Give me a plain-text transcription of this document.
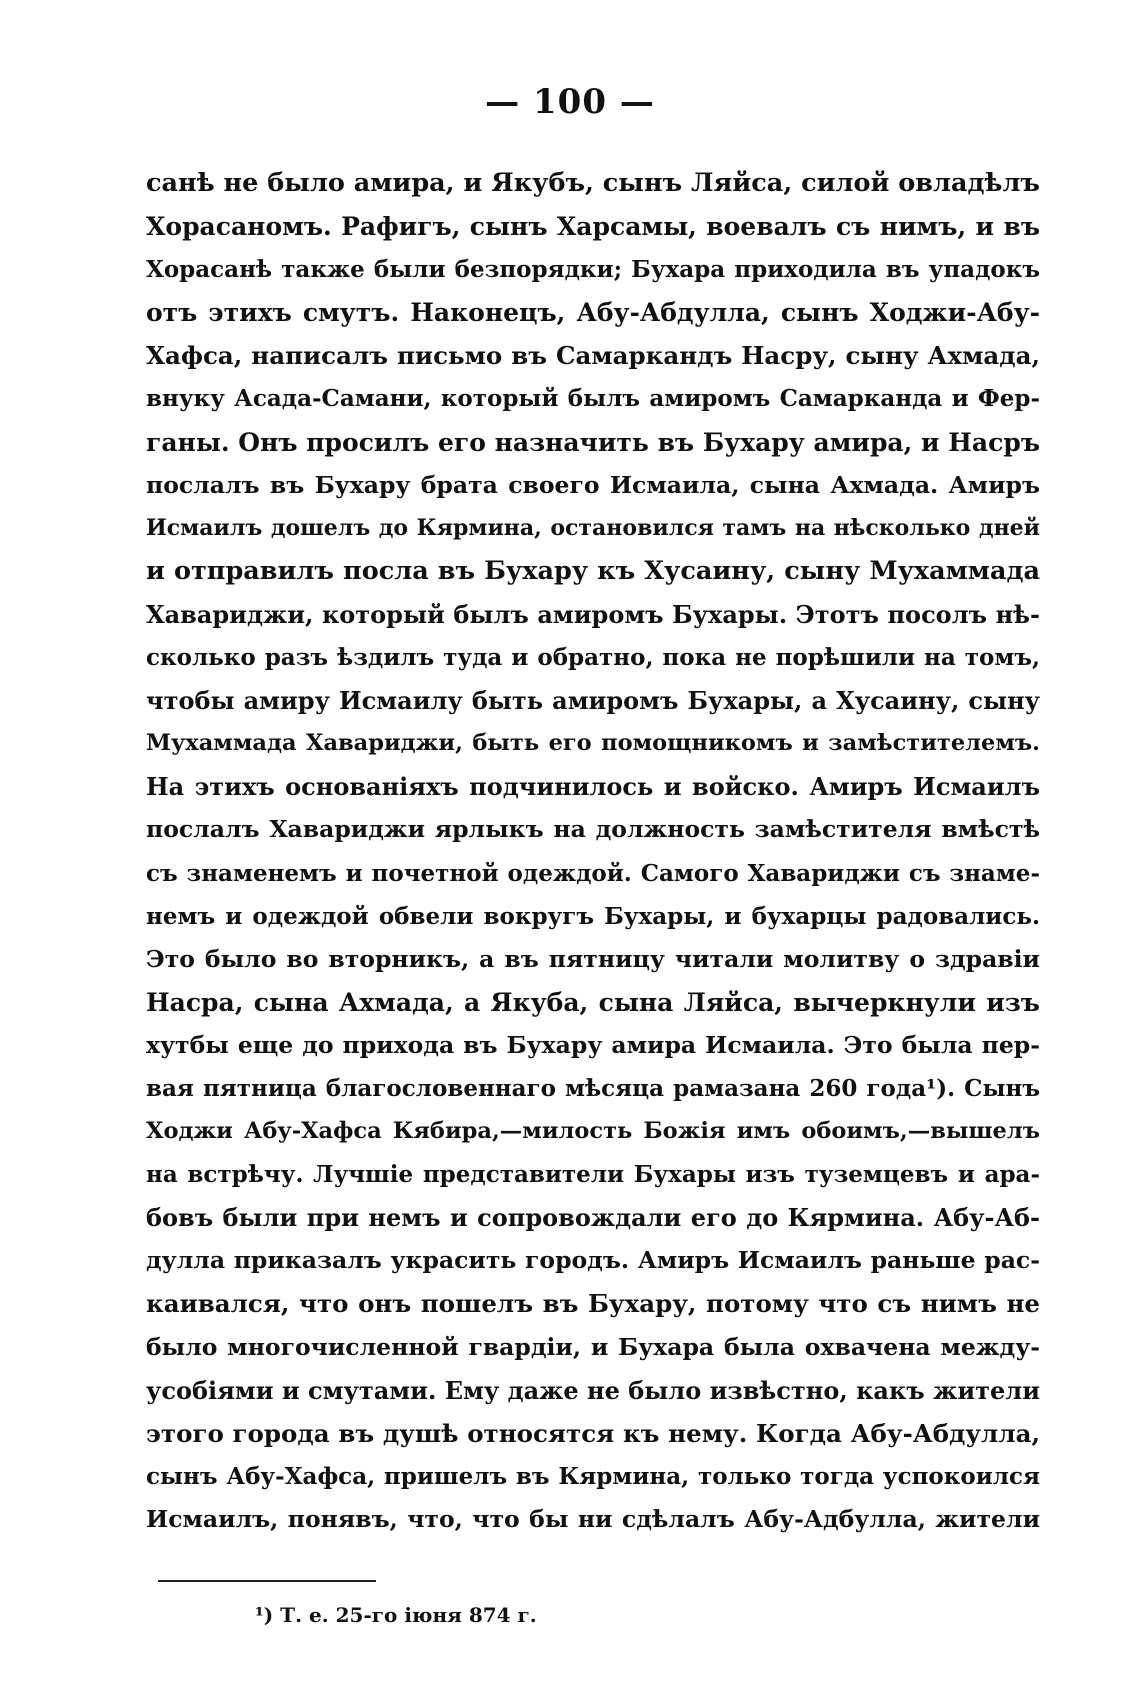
— 100 —
санѣ не было амира, и Якубъ, сынъ Ляйса, силой овладѣлъ
Хорасаномъ. Рафигъ, сынъ Харсамы, воевалъ съ нимъ, и въ
Хорасанѣ также были безпорядки; Бухара приходила въ упадокъ
отъ этихъ смутъ. Наконецъ, Абу-Абдулла, сынъ Ходжи-Абу-
Хафса, написалъ письмо въ Самаркандъ Насру, сыну Ахмада,
внуку Асада-Самани, который былъ амиромъ Самарканда и Фер-
ганы. Онъ просилъ его назначить въ Бухару амира, и Насръ
послалъ въ Бухару брата своего Исмаила, сына Ахмада. Амиръ
Исмаилъ дошелъ до Кярмина, остановился тамъ на нѣсколько дней
и отправилъ посла въ Бухару къ Хусаину, сыну Мухаммада
Хавариджи, который былъ амиромъ Бухары. Этотъ посолъ нѣ-
сколько разъ ѣздилъ туда и обратно, пока не порѣшили на томъ,
чтобы амиру Исмаилу быть амиромъ Бухары, а Хусаину, сыну
Мухаммада Хавариджи, быть его помощникомъ и замѣстителемъ.
На этихъ основаніяхъ подчинилось и войско. Амиръ Исмаилъ
послалъ Хавариджи ярлыкъ на должность замѣстителя вмѣстѣ
съ знаменемъ и почетной одеждой. Самого Хавариджи съ знаме-
немъ и одеждой обвели вокругъ Бухары, и бухарцы радовались.
Это было во вторникъ, а въ пятницу читали молитву о здравіи
Насра, сына Ахмада, а Якуба, сына Ляйса, вычеркнули изъ
хутбы еще до прихода въ Бухару амира Исмаила. Это была пер-
вая пятница благословеннаго мѣсяца рамазана 260 года¹). Сынъ
Ходжи Абу-Хафса Кябира,—милость Божія имъ обоимъ,—вышелъ
на встрѣчу. Лучшіе представители Бухары изъ туземцевъ и ара-
бовъ были при немъ и сопровождали его до Кярмина. Абу-Аб-
дулла приказалъ украсить городъ. Амиръ Исмаилъ раньше рас-
каивался, что онъ пошелъ въ Бухару, потому что съ нимъ не
было многочисленной гвардіи, и Бухара была охвачена между-
усобіями и смутами. Ему даже не было извѣстно, какъ жители
этого города въ душѣ относятся къ нему. Когда Абу-Абдулла,
сынъ Абу-Хафса, пришелъ въ Кярмина, только тогда успокоился
Исмаилъ, понявъ, что, что бы ни сдѣлалъ Абу-Адбулла, жители
¹) Т. е. 25-го іюня 874 г.
